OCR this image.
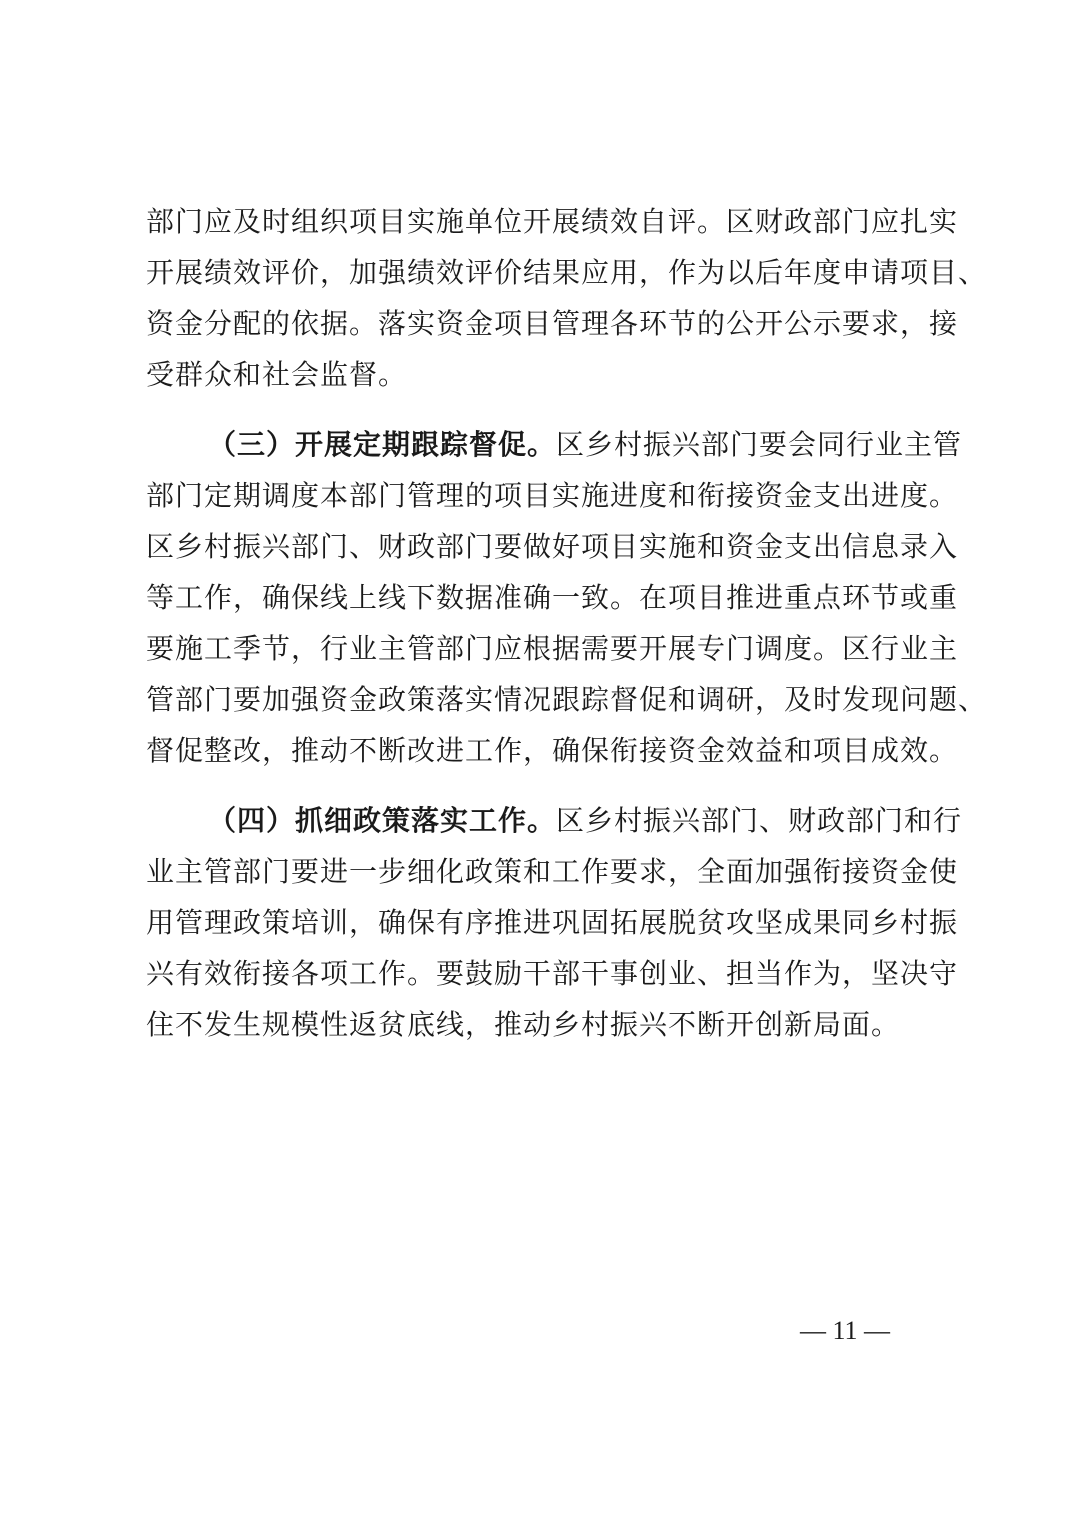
部门应及时组织项目实施单位开展绩效自评。区财政部门应扎实
开展绩效评价，加强绩效评价结果应用，作为以后年度申请项目、
资金分配的依据。落实资金项目管理各环节的公开公示要求，接
受群众和社会监督。
（三）开展定期跟踪督促。区乡村振兴部门要会同行业主管
部门定期调度本部门管理的项目实施进度和衔接资金支出进度。
区乡村振兴部门、财政部门要做好项目实施和资金支出信息录入
等工作，确保线上线下数据准确一致。在项目推进重点环节或重
要施工季节，行业主管部门应根据需要开展专门调度。区行业主
管部门要加强资金政策落实情况跟踪督促和调研，及时发现问题、
督促整改，推动不断改进工作，确保衔接资金效益和项目成效。
（四）抓细政策落实工作。区乡村振兴部门、财政部门和行
业主管部门要进一步细化政策和工作要求，全面加强衔接资金使
用管理政策培训，确保有序推进巩固拓展脱贫攻坚成果同乡村振
兴有效衔接各项工作。要鼓励干部干事创业、担当作为，坚决守
住不发生规模性返贫底线，推动乡村振兴不断开创新局面。
— 11 —
